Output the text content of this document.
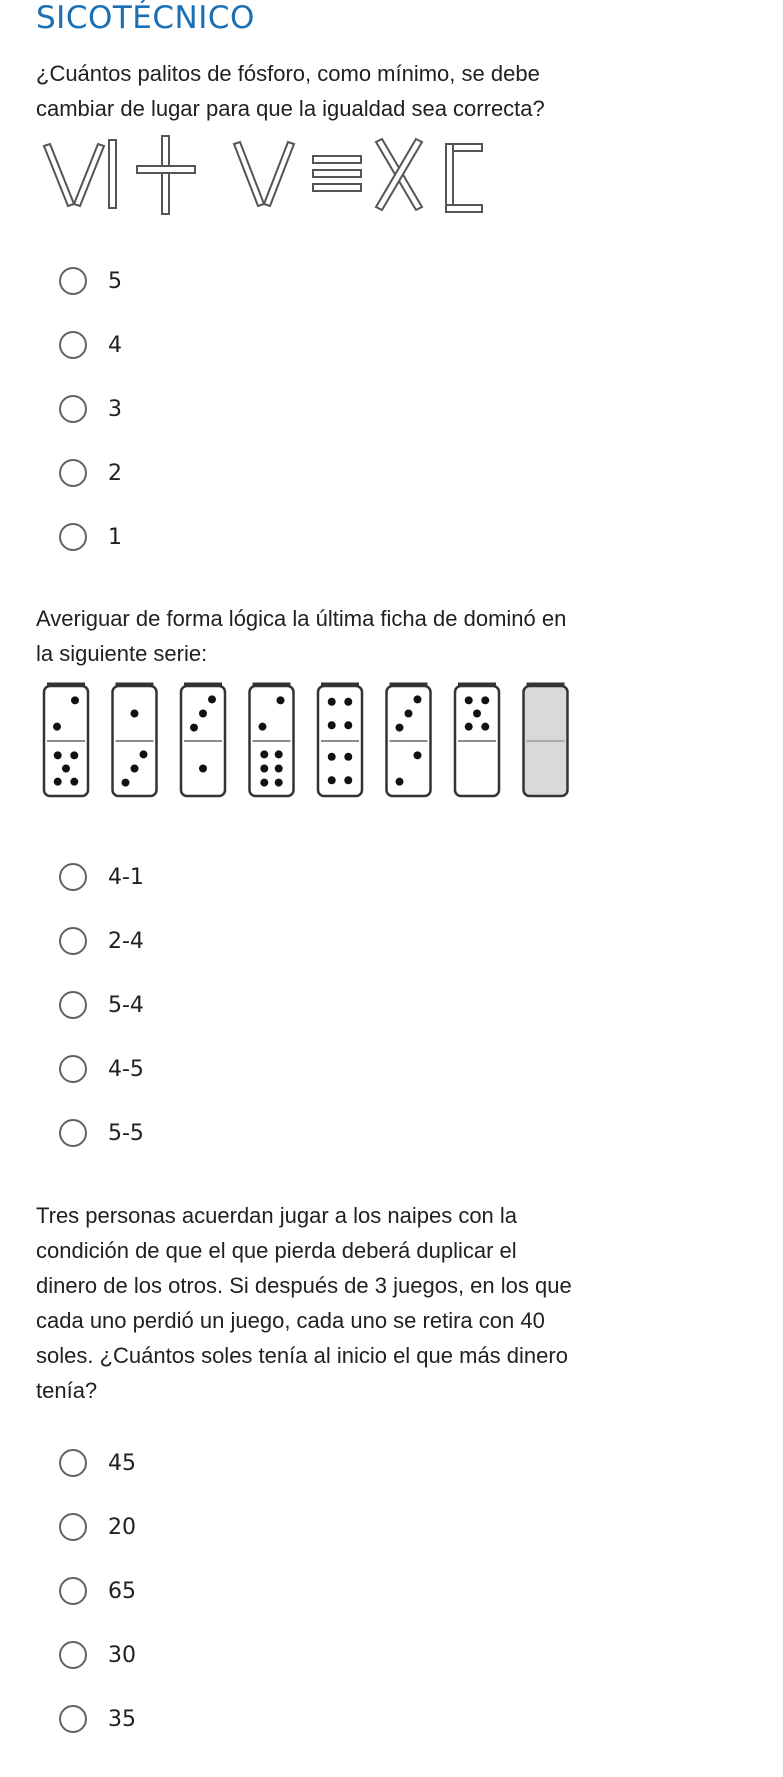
SICOTÉCNICO
¿Cuántos palitos de fósforo, como mínimo, se debe
cambiar de lugar para que la igualdad sea correcta?
5
4
3
2
1
Averiguar de forma lógica la última ficha de dominó en
la siguiente serie:
4-1
2-4
5-4
4-5
5-5
Tres personas acuerdan jugar a los naipes con la
condición de que el que pierda deberá duplicar el
dinero de los otros. Si después de 3 juegos, en los que
cada uno perdió un juego, cada uno se retira con 40
soles. ¿Cuántos soles tenía al inicio el que más dinero
tenía?
45
20
65
30
35
